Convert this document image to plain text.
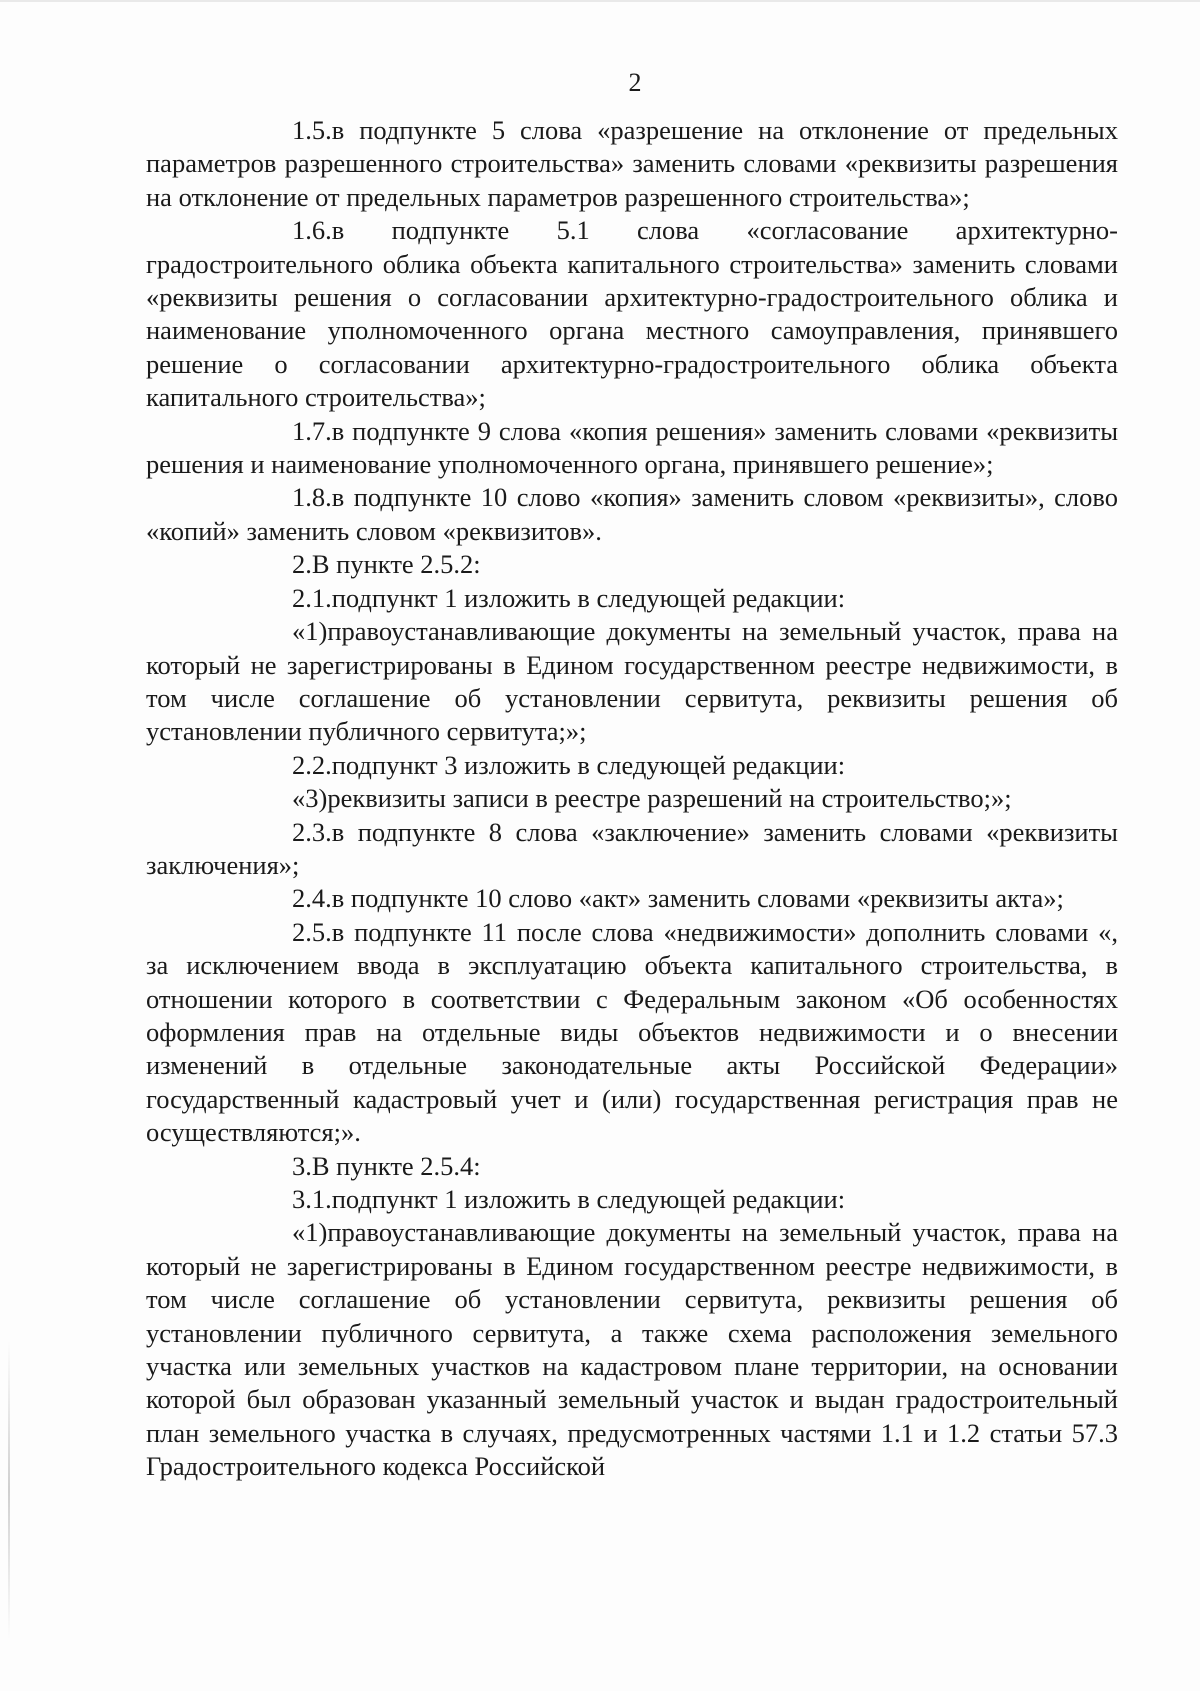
2

1.5.в подпункте 5 слова «разрешение на отклонение от предельных параметров разрешенного строительства» заменить словами «реквизиты разрешения на отклонение от предельных параметров разрешенного строительства»;

1.6.в подпункте 5.1 слова «согласование архитектурно-градостроительного облика объекта капитального строительства» заменить словами «реквизиты решения о согласовании архитектурно-градостроительного облика и наименование уполномоченного органа местного самоуправления, принявшего решение о согласовании архитектурно-градостроительного облика объекта капитального строительства»;

1.7.в подпункте 9 слова «копия решения» заменить словами «реквизиты решения и наименование уполномоченного органа, принявшего решение»;

1.8.в подпункте 10 слово «копия» заменить словом «реквизиты», слово «копий» заменить словом «реквизитов».

2.В пункте 2.5.2:

2.1.подпункт 1 изложить в следующей редакции:

«1)правоустанавливающие документы на земельный участок, права на который не зарегистрированы в Едином государственном реестре недвижимости, в том числе соглашение об установлении сервитута, реквизиты решения об установлении публичного сервитута;»;

2.2.подпункт 3 изложить в следующей редакции:

«3)реквизиты записи в реестре разрешений на строительство;»;

2.3.в подпункте 8 слова «заключение» заменить словами «реквизиты заключения»;

2.4.в подпункте 10 слово «акт» заменить словами «реквизиты акта»;

2.5.в подпункте 11 после слова «недвижимости» дополнить словами «, за исключением ввода в эксплуатацию объекта капитального строительства, в отношении которого в соответствии с Федеральным законом «Об особенностях оформления прав на отдельные виды объектов недвижимости и о внесении изменений в отдельные законодательные акты Российской Федерации» государственный кадастровый учет и (или) государственная регистрация прав не осуществляются;».

3.В пункте 2.5.4:

3.1.подпункт 1 изложить в следующей редакции:

«1)правоустанавливающие документы на земельный участок, права на который не зарегистрированы в Едином государственном реестре недвижимости, в том числе соглашение об установлении сервитута, реквизиты решения об установлении публичного сервитута, а также схема расположения земельного участка или земельных участков на кадастровом плане территории, на основании которой был образован указанный земельный участок и выдан градостроительный план земельного участка в случаях, предусмотренных частями 1.1 и 1.2 статьи 57.3 Градостроительного кодекса Российской
